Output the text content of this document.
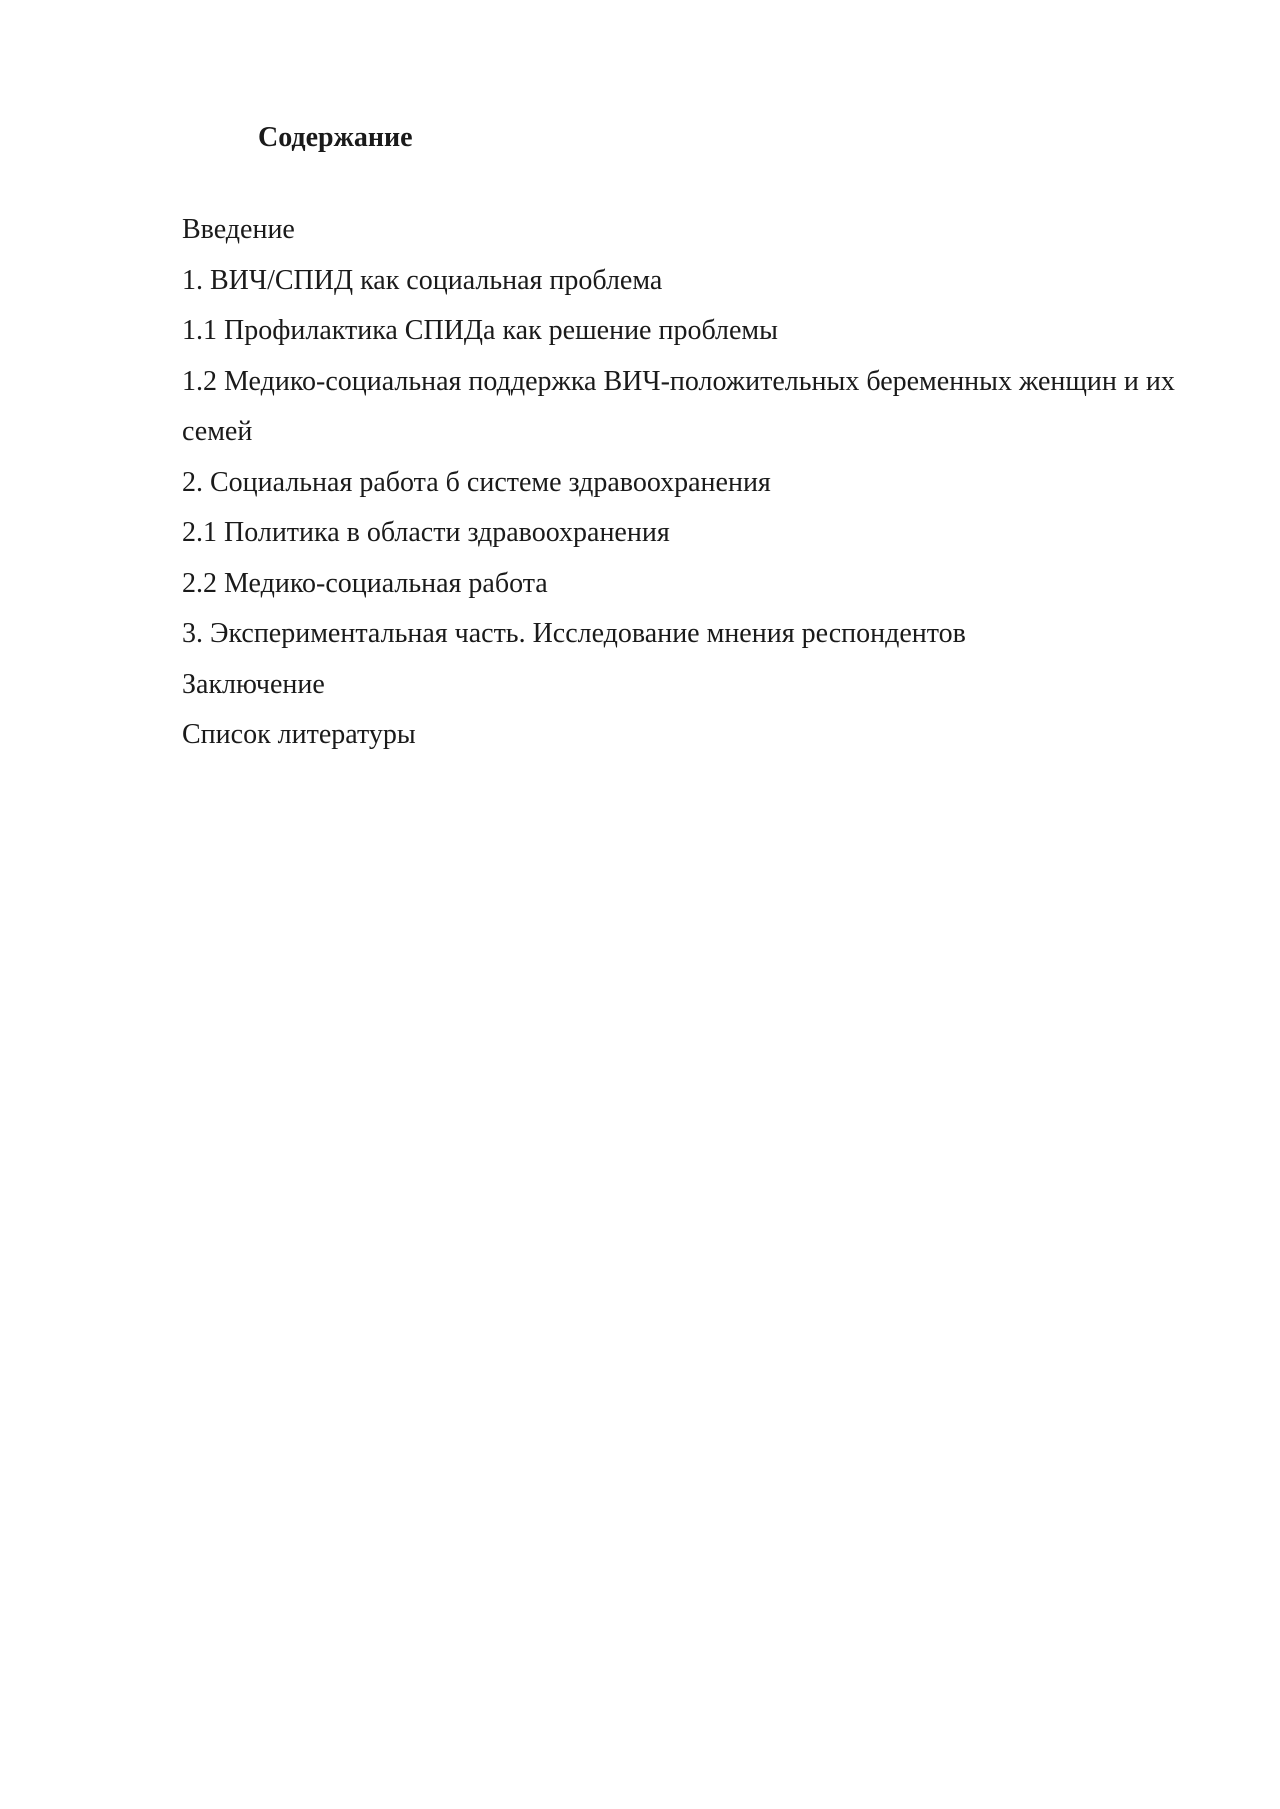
Содержание
Введение
1. ВИЧ/СПИД как социальная проблема
1.1 Профилактика СПИДа как решение проблемы
1.2 Медико-социальная поддержка ВИЧ-положительных беременных женщин и их семей
2. Социальная работа б системе здравоохранения
2.1 Политика в области здравоохранения
2.2 Медико-социальная работа
3. Экспериментальная часть. Исследование мнения респондентов
Заключение
Список литературы
